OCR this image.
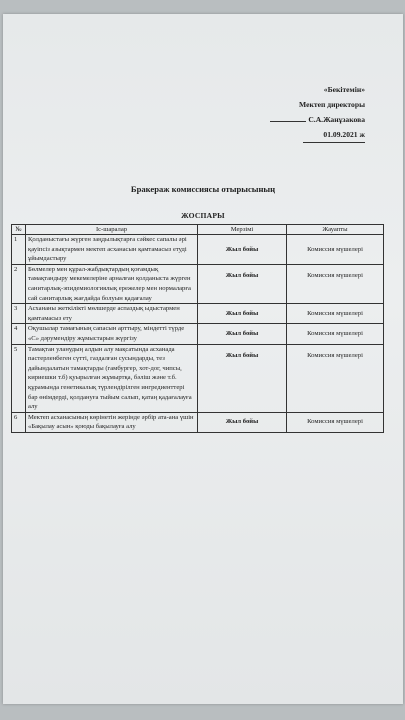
«Бекітемін»
Мектеп директоры
С.А.Жанұзакова
01.09.2021 ж
Бракераж комиссиясы отырысының
ЖОСПАРЫ
№	Іс-шаралар	Мерзімі	Жауапты
1	Қолданыстағы жүрген заңдылықтарға сәйкес сапалы әрі қауіпсіз азықтармен мектеп асханасын қамтамасыз етуді ұйымдастыру	Жыл бойы	Комиссия мүшелері
2	Бөлмелер мен құрал-жабдықтардың қоғамдық тамақтандыру мекемелеріне арналған қолданыста жүрген санитарлық-эпидемиологиялық ережелер мен нормаларға сай санитарлық жағдайда болуын қадағалау	Жыл бойы	Комиссия мүшелері
3	Асхананы жеткілікті мөлшерде аспаздық ыдыстармен қамтамасыз ету	Жыл бойы	Комиссия мүшелері
4	Оқушылар тамағының сапасын арттыру, міндетті түрде «С» дәрумендіру жұмыстарын жүргізу	Жыл бойы	Комиссия мүшелері
5	Тамақтан уланудың алдын алу мақсатында асханада пастерленбеген сүтті, газдалған сусындарды, тез дайындалатын тамақтарды (гамбургер, хот-дог, чипсы, кириешки т.б) қуырылған жұмыртқа, бәліш және т.б. құрамында генетикалық түрлендірілген ингредиенттері бар өнімдерді, қолдануға тыйым салып, қатаң қадағалауға алу	Жыл бойы	Комиссия мүшелері
6	Мектеп асханасының көрінетін жерінде әрбір ата-ана үшін «Бақылау асын» қоюды бақылауға алу	Жыл бойы	Комиссия мүшелері
